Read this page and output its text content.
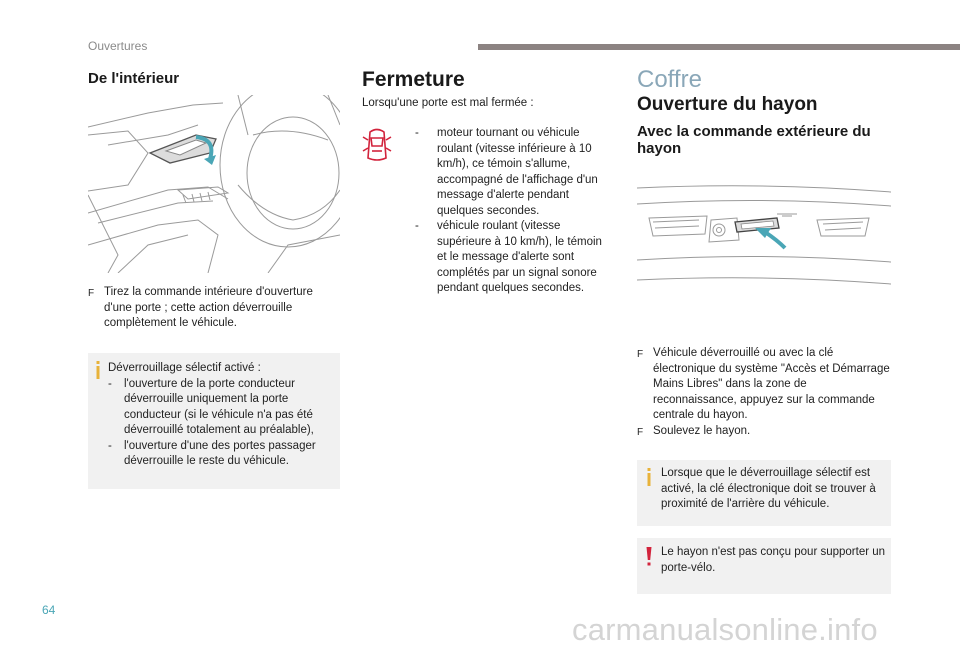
Ouvertures
De l'intérieur
F Tirez la commande intérieure d'ouverture d'une porte ; cette action déverrouille complètement le véhicule.
Déverrouillage sélectif activé :
-	l'ouverture de la porte conducteur déverrouille uniquement la porte conducteur (si le véhicule n'a pas été déverrouillé totalement au préalable),
-	l'ouverture d'une des portes passager déverrouille le reste du véhicule.
Fermeture
Lorsqu'une porte est mal fermée :
-	moteur tournant ou véhicule roulant (vitesse inférieure à 10 km/h), ce témoin s'allume, accompagné de l'affichage d'un message d'alerte pendant quelques secondes.
-	véhicule roulant (vitesse supérieure à 10 km/h), le témoin et le message d'alerte sont complétés par un signal sonore pendant quelques secondes.
Coffre
Ouverture du hayon
Avec la commande extérieure du hayon
F Véhicule déverrouillé ou avec la clé électronique du système "Accès et Démarrage Mains Libres" dans la zone de reconnaissance, appuyez sur la commande centrale du hayon.
F Soulevez le hayon.
Lorsque que le déverrouillage sélectif est activé, la clé électronique doit se trouver à proximité de l'arrière du véhicule.
Le hayon n'est pas conçu pour supporter un porte-vélo.
64
carmanualsonline.info
